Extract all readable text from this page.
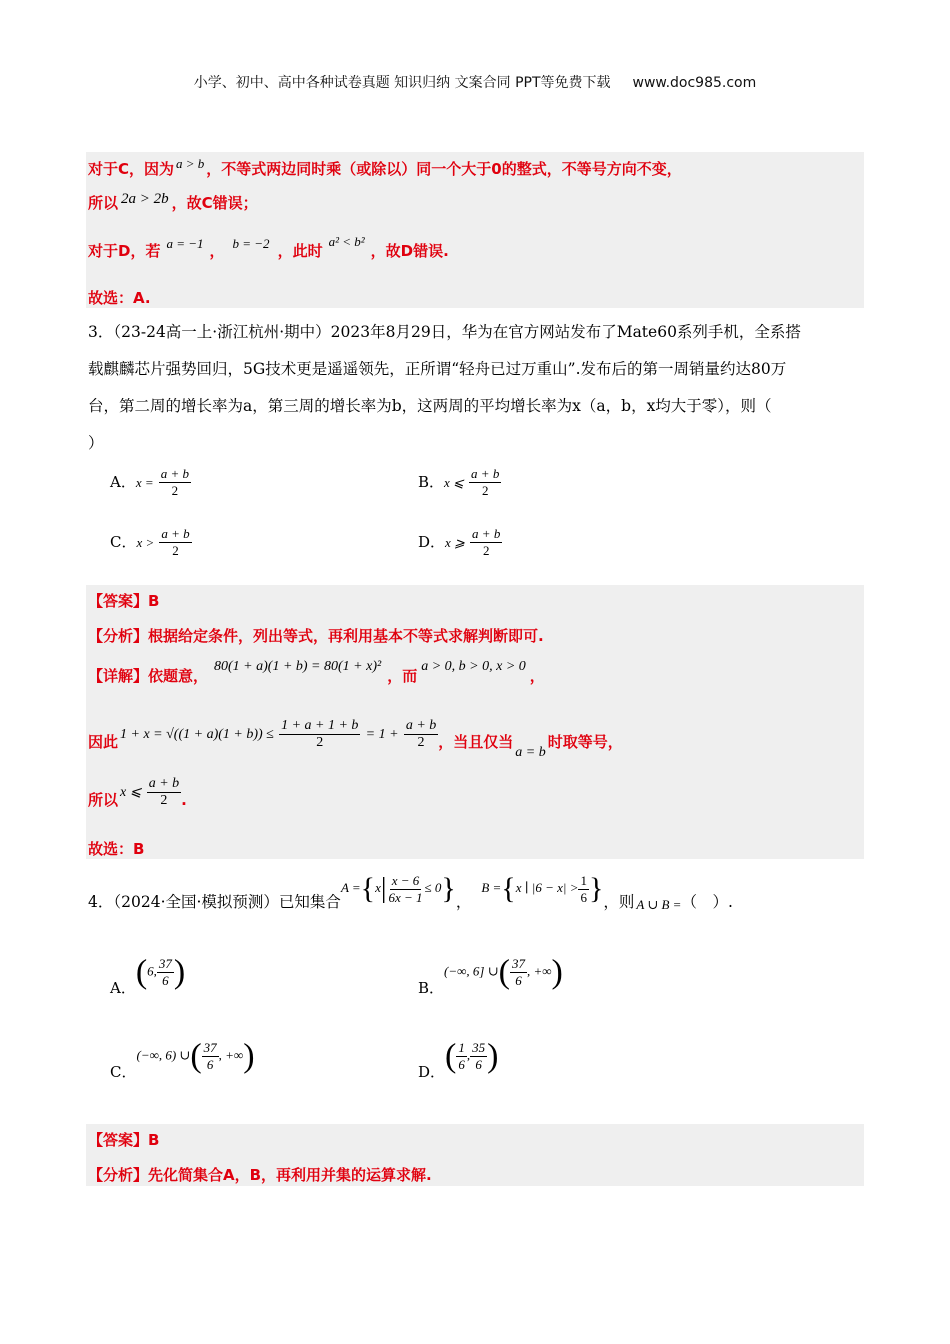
小学、初中、高中各种试卷真题 知识归纳 文案合同 PPT等免费下载 www.doc985.com
对于C，因为 a > b ，不等式两边同时乘（或除以）同一个大于0的整式，不等号方向不变，
所以 2a > 2b ，故C错误；
对于D，若 a = −1 ， b = −2 ，此时a² < b²，故D错误.
故选：A.
3．（23-24高一上·浙江杭州·期中）2023年8月29日，华为在官方网站发布了Mate60系列手机，全系搭
载麒麟芯片强势回归，5G技术更是遥遥领先，正所谓“轻舟已过万重山”.发布后的第一周销量约达80万
台，第二周的增长率为a，第三周的增长率为b，这两周的平均增长率为x（a，b，x均大于零），则（
）
A．$x = \frac{a + b}{2}$	B．x ⩽ $\frac{a + b}{2}$
C．$x > \frac{a + b}{2}$	D．x ⩾ $\frac{a + b}{2}$
【答案】B
【分析】根据给定条件，列出等式，再利用基本不等式求解判断即可.
【详解】依题意，80(1 + a)(1 + b) = 80(1 + x)²，而a > 0, b > 0, x > 0，
因此 $1 + x = √((1 + a)(1 + b)) \le \frac{1 + a + 1 + b}{2} = 1 + \frac{a + b}{2}$ ，当且仅当a = b时取等号，
所以 x ⩽ $\frac{a + b}{2}$ .
故选：B
4．（2024·全国·模拟预测）已知集合$A =\{x| \frac{x - 6}{6x - 1} \le 0\}$，B ={x ∣ $|6 - x| > \frac{1}{6}$ }，则 A ∪ B =（　）.
A．(6, $\frac{37}{6}$ )	B．(−∞, 6] ∪( $\frac{37}{6}$ , +∞)
C．(−∞, 6) ∪( $\frac{37}{6}$ , +∞)	D．( $\frac{1}{6}$ , $\frac{35}{6}$ )
【答案】B
【分析】先化简集合A，B，再利用并集的运算求解.
